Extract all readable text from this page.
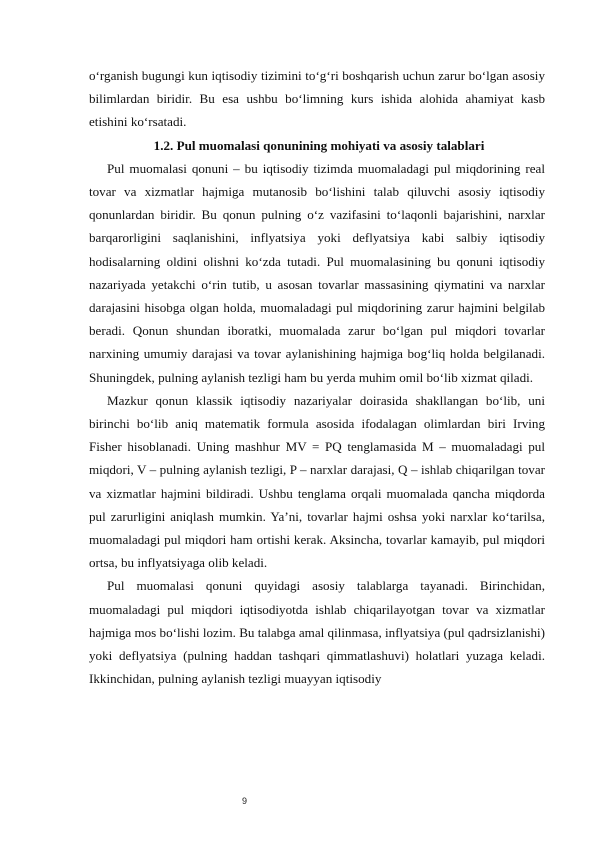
o‘rganish bugungi kun iqtisodiy tizimini to‘g‘ri boshqarish uchun zarur bo‘lgan asosiy bilimlardan biridir. Bu esa ushbu bo‘limning kurs ishida alohida ahamiyat kasb etishini ko‘rsatadi.

1.2. Pul muomalasi qonunining mohiyati va asosiy talablari

Pul muomalasi qonuni – bu iqtisodiy tizimda muomaladagi pul miqdorining real tovar va xizmatlar hajmiga mutanosib bo‘lishini talab qiluvchi asosiy iqtisodiy qonunlardan biridir. Bu qonun pulning o‘z vazifasini to‘laqonli bajarishini, narxlar barqarorligini saqlanishini, inflyatsiya yoki deflyatsiya kabi salbiy iqtisodiy hodisalarning oldini olishni ko‘zda tutadi. Pul muomalasining bu qonuni iqtisodiy nazariyada yetakchi o‘rin tutib, u asosan tovarlar massasining qiymatini va narxlar darajasini hisobga olgan holda, muomaladagi pul miqdorining zarur hajmini belgilab beradi. Qonun shundan iboratki, muomalada zarur bo‘lgan pul miqdori tovarlar narxining umumiy darajasi va tovar aylanishining hajmiga bog‘liq holda belgilanadi. Shuningdek, pulning aylanish tezligi ham bu yerda muhim omil bo‘lib xizmat qiladi.

Mazkur qonun klassik iqtisodiy nazariyalar doirasida shakllangan bo‘lib, uni birinchi bo‘lib aniq matematik formula asosida ifodalagan olimlardan biri Irving Fisher hisoblanadi. Uning mashhur MV = PQ tenglamasida M – muomaladagi pul miqdori, V – pulning aylanish tezligi, P – narxlar darajasi, Q – ishlab chiqarilgan tovar va xizmatlar hajmini bildiradi. Ushbu tenglama orqali muomalada qancha miqdorda pul zarurligini aniqlash mumkin. Ya’ni, tovarlar hajmi oshsa yoki narxlar ko‘tarilsa, muomaladagi pul miqdori ham ortishi kerak. Aksincha, tovarlar kamayib, pul miqdori ortsa, bu inflyatsiyaga olib keladi.

Pul muomalasi qonuni quyidagi asosiy talablarga tayanadi. Birinchidan, muomaladagi pul miqdori iqtisodiyotda ishlab chiqarilayotgan tovar va xizmatlar hajmiga mos bo‘lishi lozim. Bu talabga amal qilinmasa, inflyatsiya (pul qadrsizlanishi) yoki deflyatsiya (pulning haddan tashqari qimmatlashuvi) holatlari yuzaga keladi. Ikkinchidan, pulning aylanish tezligi muayyan iqtisodiy

9
